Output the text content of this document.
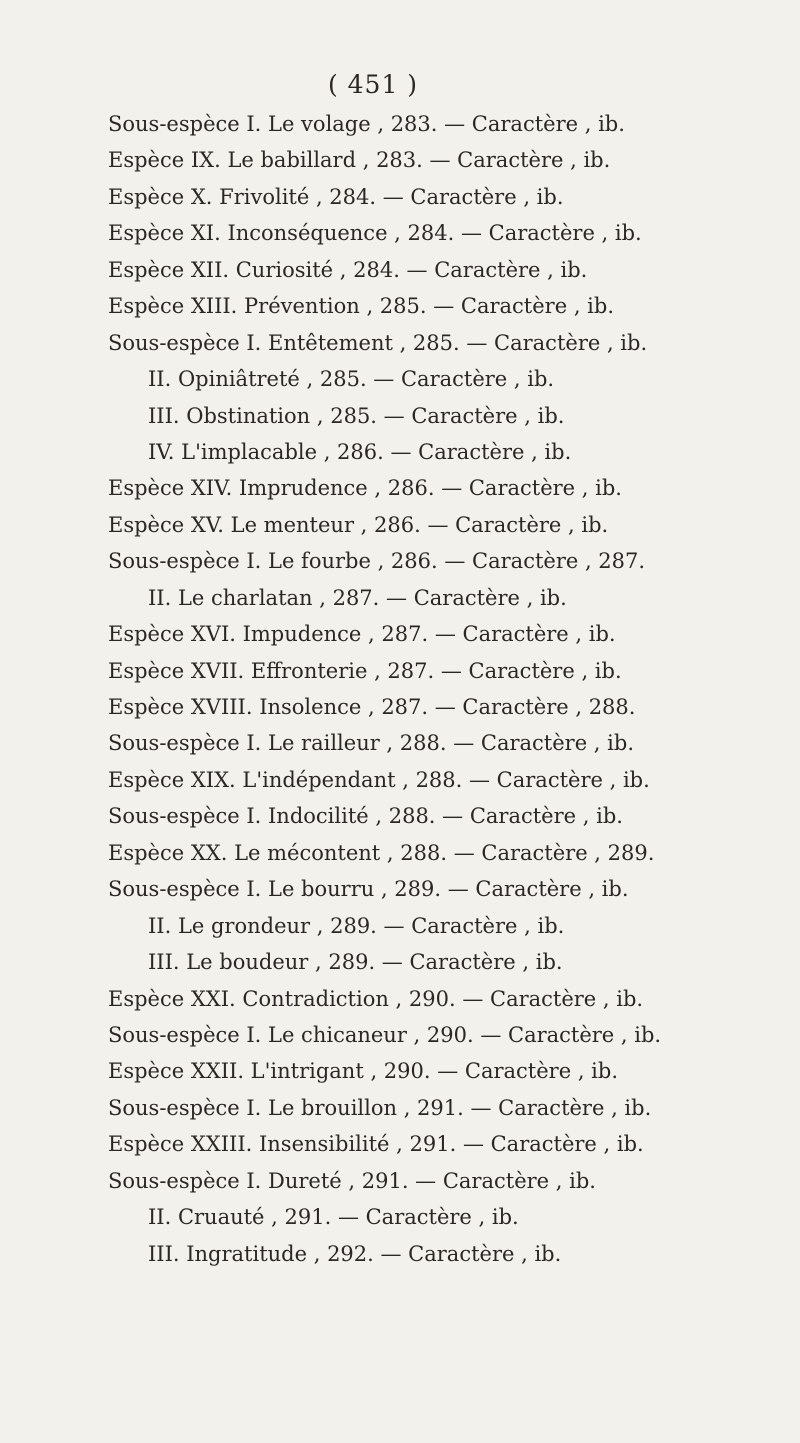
( 451 )
Sous-espèce I. Le volage , 283. — Caractère , ib.
Espèce IX. Le babillard , 283. — Caractère , ib.
Espèce X. Frivolité , 284. — Caractère , ib.
Espèce XI. Inconséquence , 284. — Caractère , ib.
Espèce XII. Curiosité , 284. — Caractère , ib.
Espèce XIII. Prévention , 285. — Caractère , ib.
Sous-espèce I. Entêtement , 285. — Caractère , ib.
II. Opiniâtreté , 285. — Caractère , ib.
III. Obstination , 285. — Caractère , ib.
IV. L'implacable , 286. — Caractère , ib.
Espèce XIV. Imprudence , 286. — Caractère , ib.
Espèce XV. Le menteur , 286. — Caractère , ib.
Sous-espèce I. Le fourbe , 286. — Caractère , 287.
II. Le charlatan , 287. — Caractère , ib.
Espèce XVI. Impudence , 287. — Caractère , ib.
Espèce XVII. Effronterie , 287. — Caractère , ib.
Espèce XVIII. Insolence , 287. — Caractère , 288.
Sous-espèce I. Le railleur , 288. — Caractère , ib.
Espèce XIX. L'indépendant , 288. — Caractère , ib.
Sous-espèce I. Indocilité , 288. — Caractère , ib.
Espèce XX. Le mécontent , 288. — Caractère , 289.
Sous-espèce I. Le bourru , 289. — Caractère , ib.
II. Le grondeur , 289. — Caractère , ib.
III. Le boudeur , 289. — Caractère , ib.
Espèce XXI. Contradiction , 290. — Caractère , ib.
Sous-espèce I. Le chicaneur , 290. — Caractère , ib.
Espèce XXII. L'intrigant , 290. — Caractère , ib.
Sous-espèce I. Le brouillon , 291. — Caractère , ib.
Espèce XXIII. Insensibilité , 291. — Caractère , ib.
Sous-espèce I. Dureté , 291. — Caractère , ib.
II. Cruauté , 291. — Caractère , ib.
III. Ingratitude , 292. — Caractère , ib.
